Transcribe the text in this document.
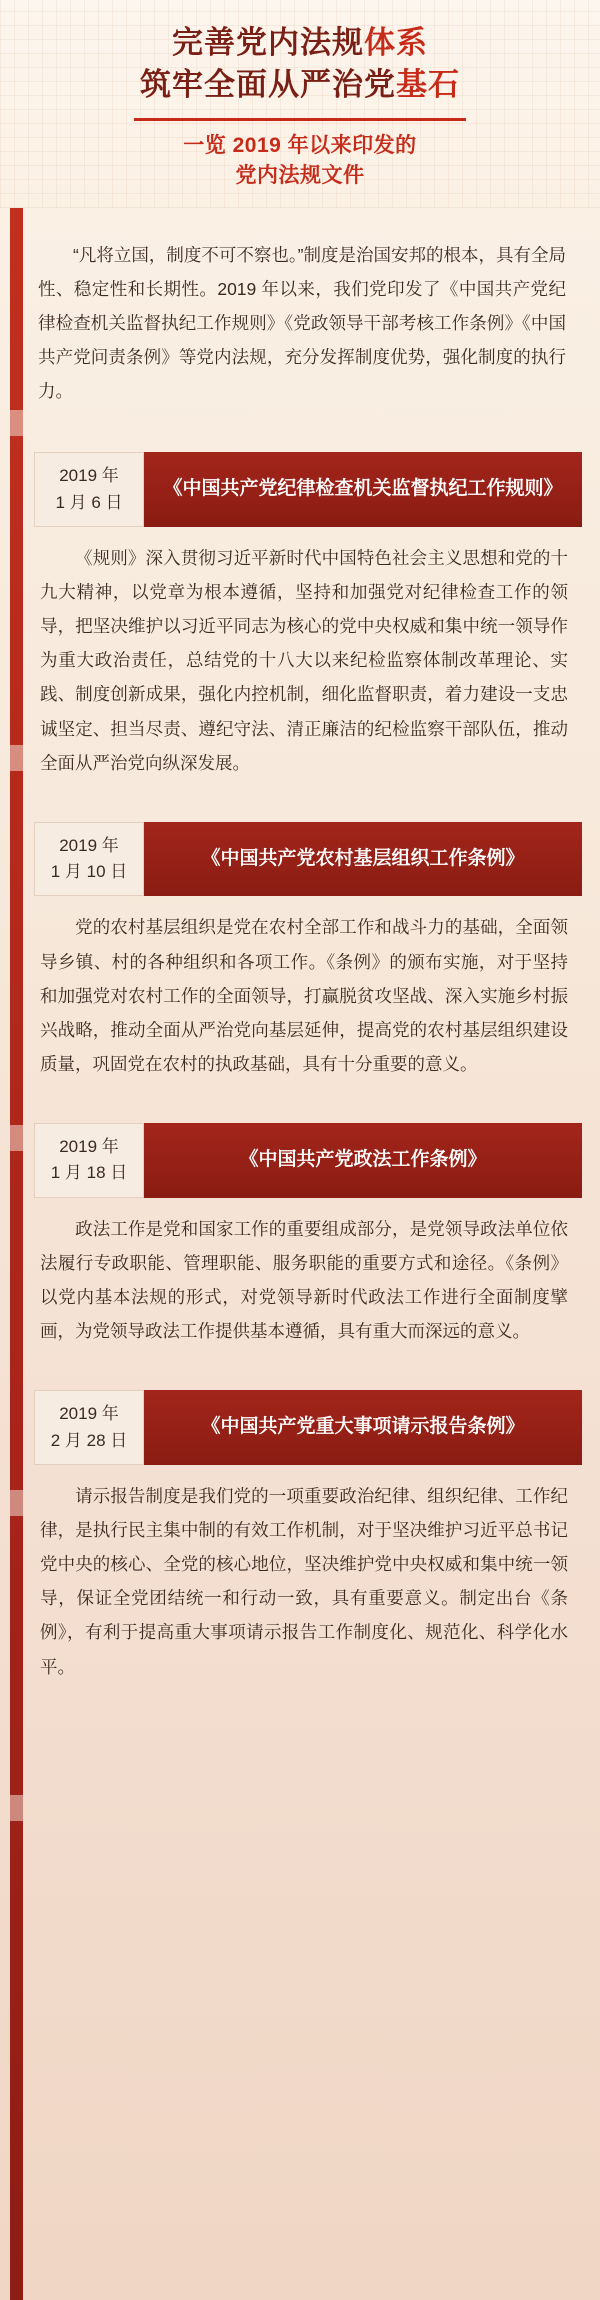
完善党内法规体系
筑牢全面从严治党基石
一览 2019 年以来印发的
党内法规文件
“凡将立国，制度不可不察也。”制度是治国安邦的根本，具有全局性、稳定性和长期性。2019 年以来，我们党印发了《中国共产党纪律检查机关监督执纪工作规则》《党政领导干部考核工作条例》《中国共产党问责条例》等党内法规，充分发挥制度优势，强化制度的执行力。
2019 年
1 月 6 日
《中国共产党纪律检查机关监督执纪工作规则》
《规则》深入贯彻习近平新时代中国特色社会主义思想和党的十九大精神，以党章为根本遵循，坚持和加强党对纪律检查工作的领导，把坚决维护以习近平同志为核心的党中央权威和集中统一领导作为重大政治责任，总结党的十八大以来纪检监察体制改革理论、实践、制度创新成果，强化内控机制，细化监督职责，着力建设一支忠诚坚定、担当尽责、遵纪守法、清正廉洁的纪检监察干部队伍，推动全面从严治党向纵深发展。
2019 年
1 月 10 日
《中国共产党农村基层组织工作条例》
党的农村基层组织是党在农村全部工作和战斗力的基础，全面领导乡镇、村的各种组织和各项工作。《条例》的颁布实施，对于坚持和加强党对农村工作的全面领导，打赢脱贫攻坚战、深入实施乡村振兴战略，推动全面从严治党向基层延伸，提高党的农村基层组织建设质量，巩固党在农村的执政基础，具有十分重要的意义。
2019 年
1 月 18 日
《中国共产党政法工作条例》
政法工作是党和国家工作的重要组成部分，是党领导政法单位依法履行专政职能、管理职能、服务职能的重要方式和途径。《条例》以党内基本法规的形式，对党领导新时代政法工作进行全面制度擘画，为党领导政法工作提供基本遵循，具有重大而深远的意义。
2019 年
2 月 28 日
《中国共产党重大事项请示报告条例》
请示报告制度是我们党的一项重要政治纪律、组织纪律、工作纪律，是执行民主集中制的有效工作机制，对于坚决维护习近平总书记党中央的核心、全党的核心地位，坚决维护党中央权威和集中统一领导，保证全党团结统一和行动一致，具有重要意义。制定出台《条例》，有利于提高重大事项请示报告工作制度化、规范化、科学化水平。
